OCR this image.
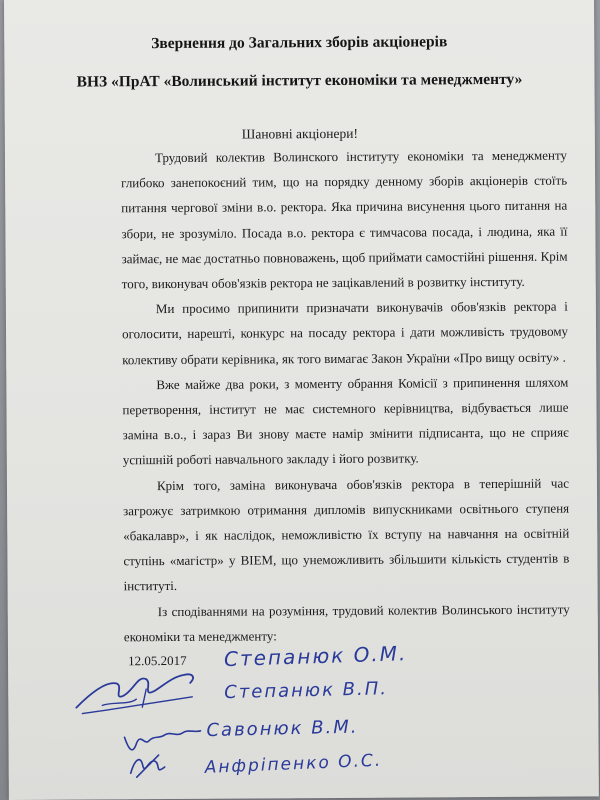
Звернення до Загальних зборів акціонерів
ВНЗ «ПрАТ «Волинський інститут економіки та менеджменту»
Шановні акціонери!

Трудовий колектив Волинского інституту економіки та менеджменту глибоко занепокоєний тим, що на порядку денному зборів акціонерів стоїть питання чергової зміни в.о. ректора. Яка причина висунення цього питання на збори, не зрозуміло. Посада в.о. ректора є тимчасова посада, і людина, яка її займає, не має достатньо повноважень, щоб приймати самостійні рішення. Крім того, виконувач обов'язків ректора не зацікавлений в розвитку інституту.

Ми просимо припинити призначати виконувачів обов'язків ректора і оголосити, нарешті, конкурс на посаду ректора і дати можливість трудовому колективу обрати керівника, як того вимагає Закон України «Про вищу освіту» .

Вже майже два роки, з моменту обрання Комісії з припинення шляхом перетворення, інститут не має системного керівництва, відбувається лише заміна в.о., і зараз Ви знову маєте намір змінити підписанта, що не сприяє успішній роботі навчального закладу і його розвитку.

Крім того, заміна виконувача обов'язків ректора в теперішній час загрожує затримкою отримання дипломів випускниками освітнього ступеня «бакалавр», і як наслідок, неможливістю їх вступу на навчання на освітній ступінь «магістр» у ВІЕМ, що унеможливить збільшити кількість студентів в інституті.

Із сподіваннями на розуміння, трудовий колектив Волинського інституту економіки та менеджменту:

12.05.2017 Степанюк О.М.
Степанюк В.П.
Савонюк В.М.
Анфріпенко О.С.
